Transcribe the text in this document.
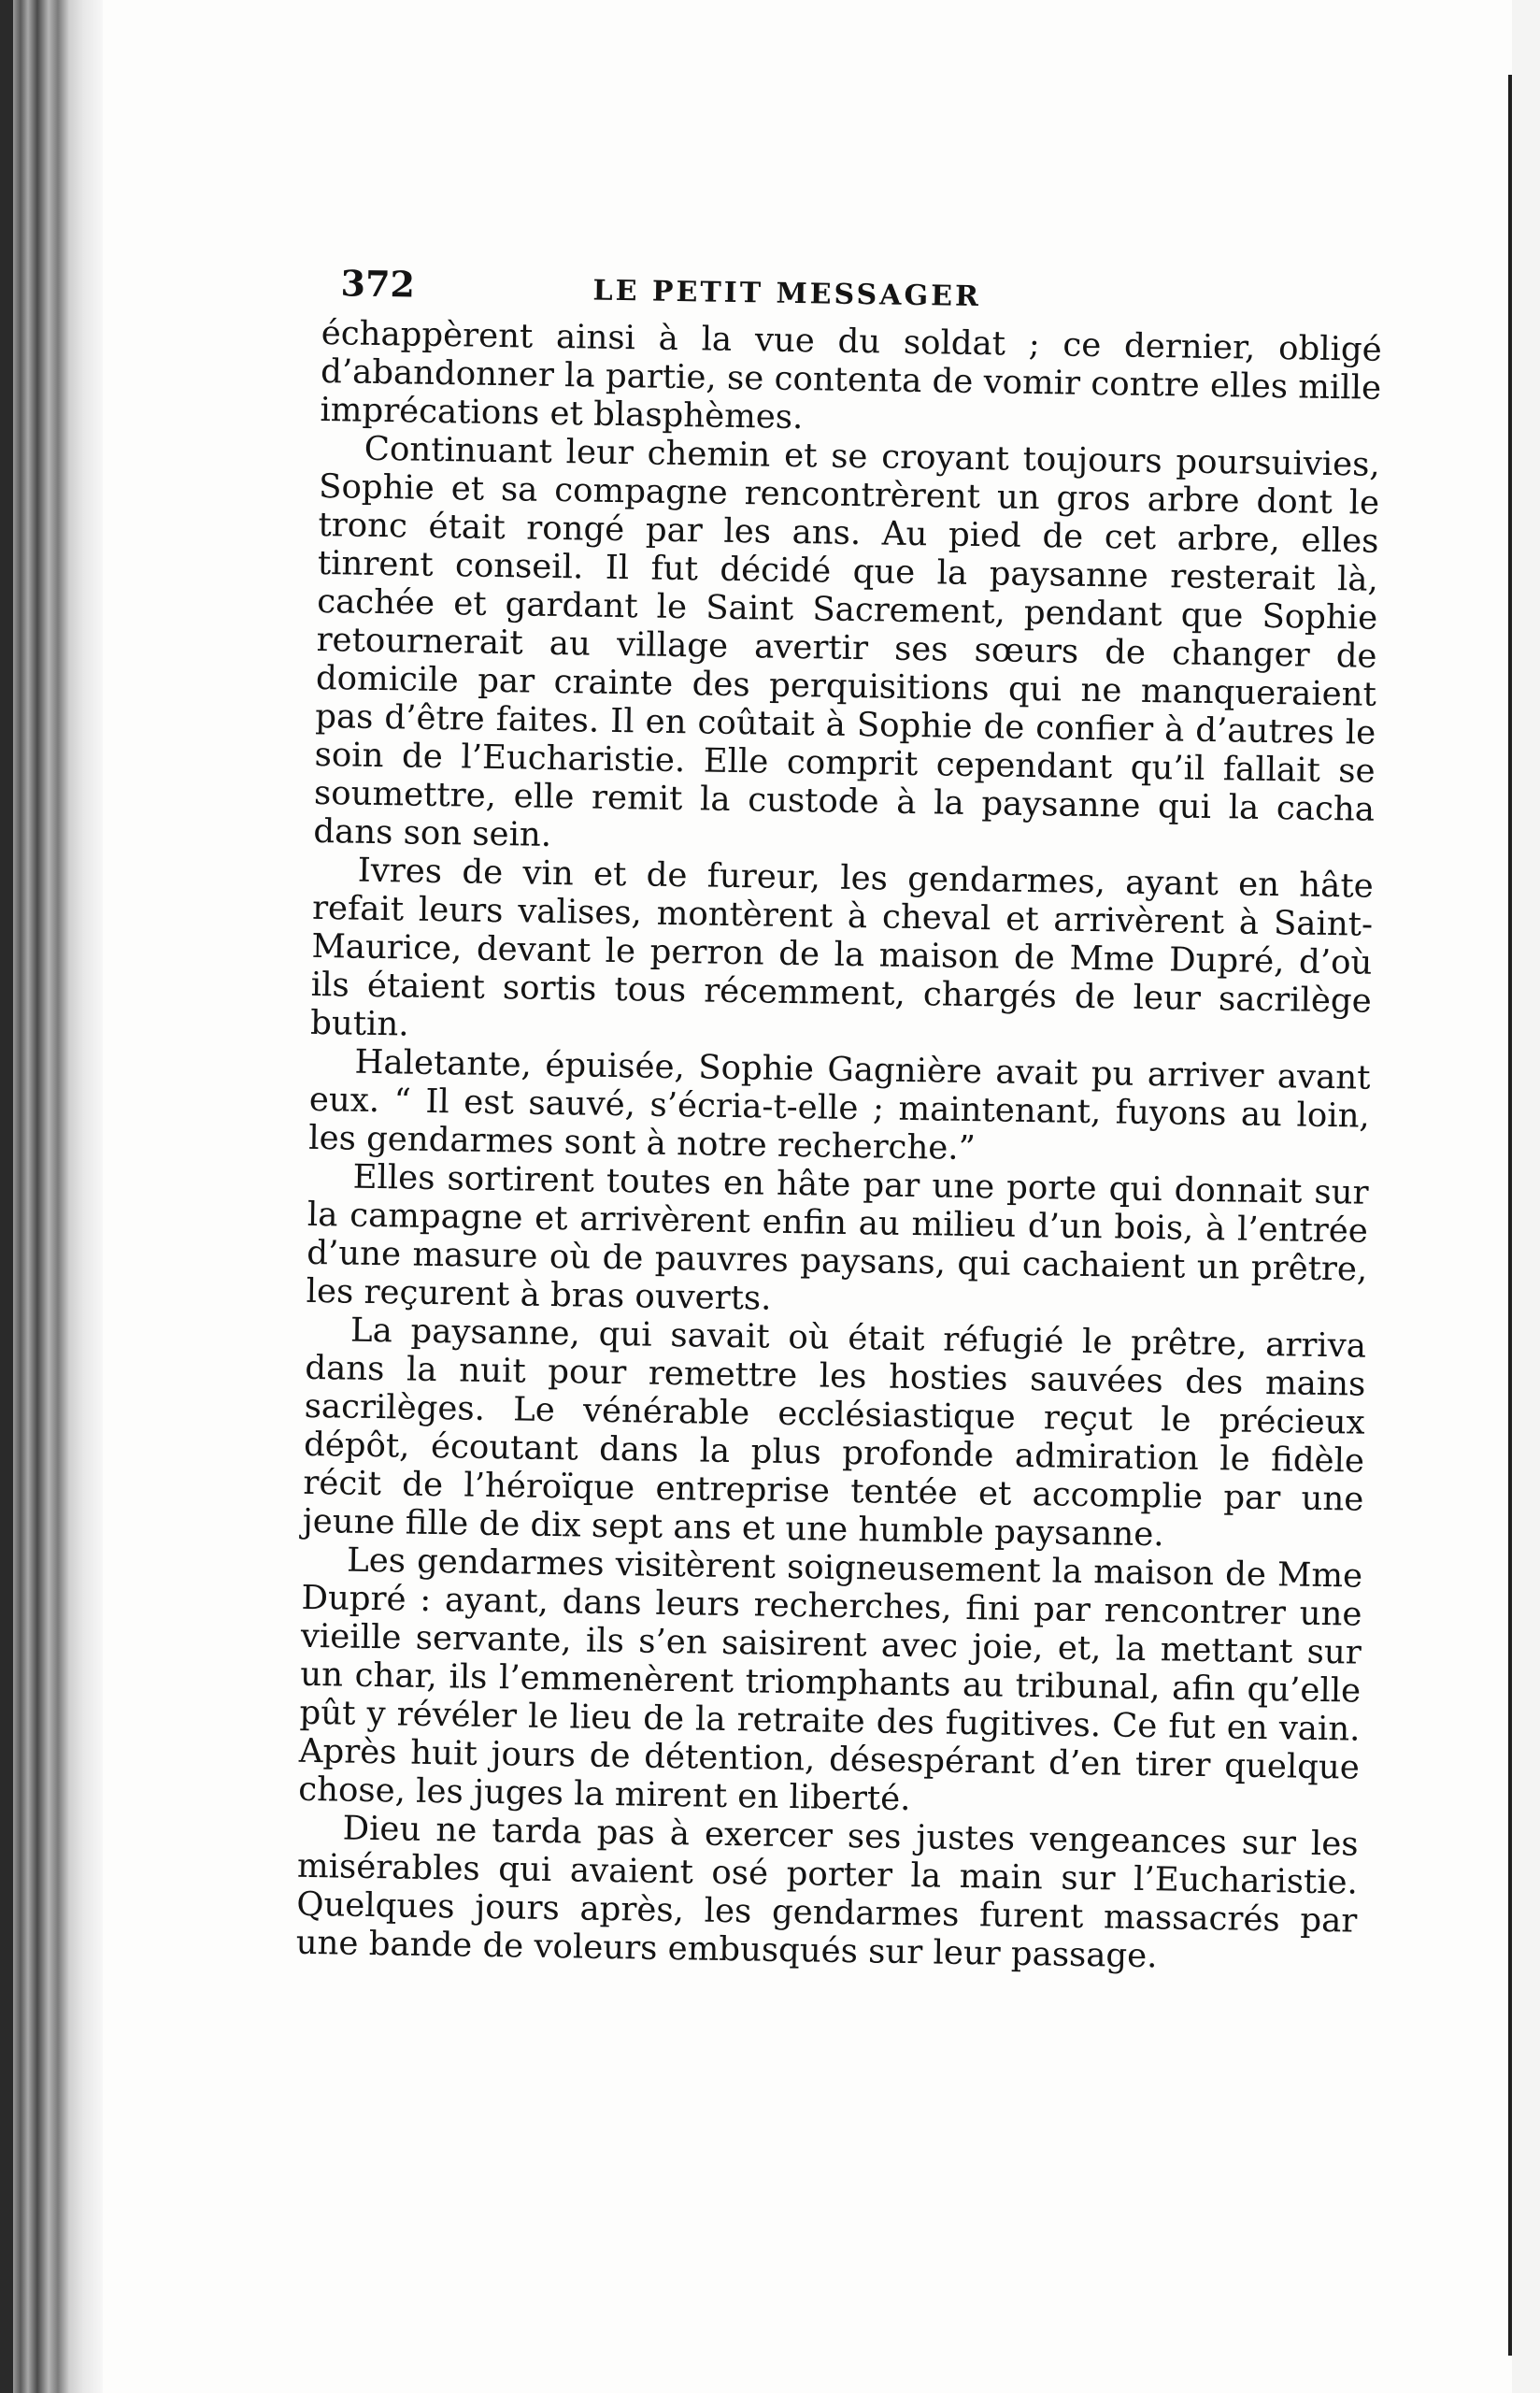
372	LE PETIT MESSAGER

échappèrent ainsi à la vue du soldat ; ce dernier, obligé d’abandonner la partie, se contenta de vomir contre elles mille imprécations et blasphèmes.

Continuant leur chemin et se croyant toujours poursuivies, Sophie et sa compagne rencontrèrent un gros arbre dont le tronc était rongé par les ans. Au pied de cet arbre, elles tinrent conseil. Il fut décidé que la paysanne resterait là, cachée et gardant le Saint Sacrement, pendant que Sophie retournerait au village avertir ses sœurs de changer de domicile par crainte des perquisitions qui ne manqueraient pas d’être faites. Il en coûtait à Sophie de confier à d’autres le soin de l’Eucharistie. Elle comprit cependant qu’il fallait se soumettre, elle remit la custode à la paysanne qui la cacha dans son sein.

Ivres de vin et de fureur, les gendarmes, ayant en hâte refait leurs valises, montèrent à cheval et arrivèrent à Saint-Maurice, devant le perron de la maison de Mme Dupré, d’où ils étaient sortis tous récemment, chargés de leur sacrilège butin.

Haletante, épuisée, Sophie Gagnière avait pu arriver avant eux. “ Il est sauvé, s’écria-t-elle ; maintenant, fuyons au loin, les gendarmes sont à notre recherche.”

Elles sortirent toutes en hâte par une porte qui donnait sur la campagne et arrivèrent enfin au milieu d’un bois, à l’entrée d’une masure où de pauvres paysans, qui cachaient un prêtre, les reçurent à bras ouverts.

La paysanne, qui savait où était réfugié le prêtre, arriva dans la nuit pour remettre les hosties sauvées des mains sacrilèges. Le vénérable ecclésiastique reçut le précieux dépôt, écoutant dans la plus profonde admiration le fidèle récit de l’héroïque entreprise tentée et accomplie par une jeune fille de dix sept ans et une humble paysanne.

Les gendarmes visitèrent soigneusement la maison de Mme Dupré : ayant, dans leurs recherches, fini par rencontrer une vieille servante, ils s’en saisirent avec joie, et, la mettant sur un char, ils l’emmenèrent triomphants au tribunal, afin qu’elle pût y révéler le lieu de la retraite des fugitives. Ce fut en vain. Après huit jours de détention, désespérant d’en tirer quelque chose, les juges la mirent en liberté.

Dieu ne tarda pas à exercer ses justes vengeances sur les misérables qui avaient osé porter la main sur l’Eucharistie. Quelques jours après, les gendarmes furent massacrés par une bande de voleurs embusqués sur leur passage.
